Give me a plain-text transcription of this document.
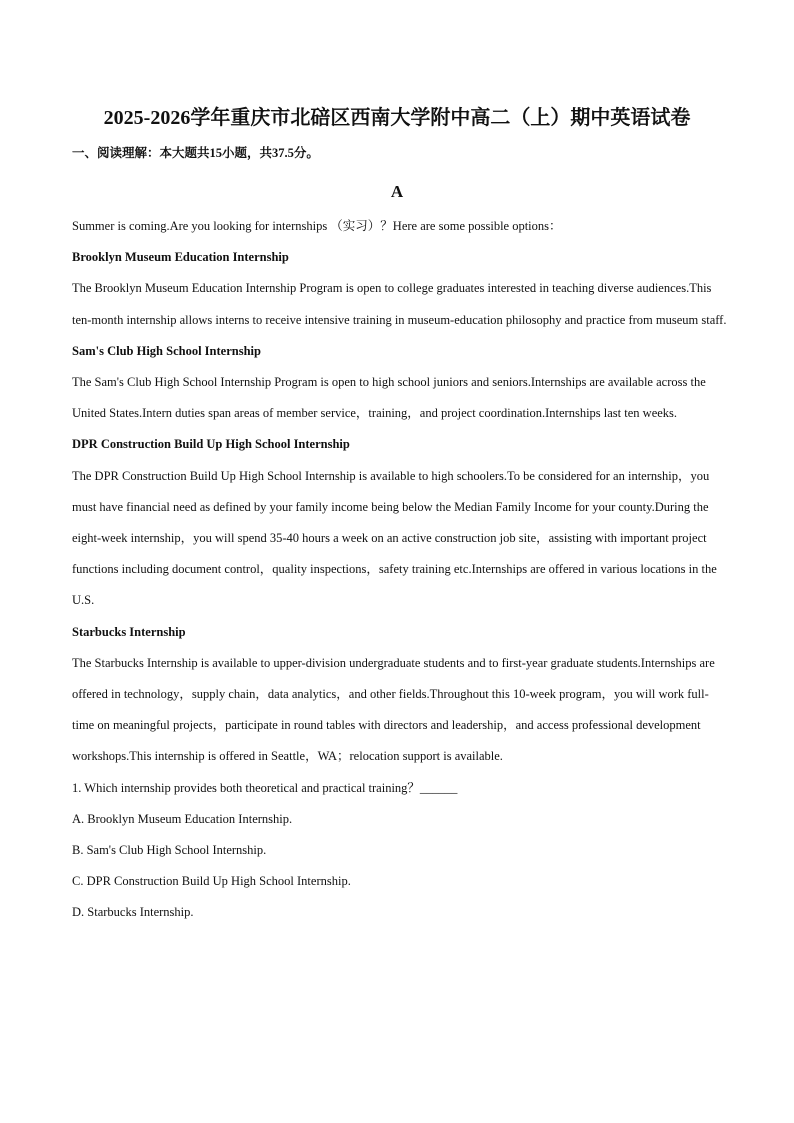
2025-2026学年重庆市北碚区西南大学附中高二（上）期中英语试卷
一、阅读理解：本大题共15小题，共37.5分。
A

Summer is coming.Are you looking for internships （实习）？Here are some possible options：

Brooklyn Museum Education Internship

The Brooklyn Museum Education Internship Program is open to college graduates interested in teaching diverse audiences.This ten-month internship allows interns to receive intensive training in museum-education philosophy and practice from museum staff.

Sam's Club High School Internship

The Sam's Club High School Internship Program is open to high school juniors and seniors.Internships are available across the United States.Intern duties span areas of member service，training，and project coordination.Internships last ten weeks.

DPR Construction Build Up High School Internship

The DPR Construction Build Up High School Internship is available to high schoolers.To be considered for an internship，you must have financial need as defined by your family income being below the Median Family Income for your county.During the eight-week internship，you will spend 35-40 hours a week on an active construction job site，assisting with important project functions including document control，quality inspections，safety training etc.Internships are offered in various locations in the U.S.

Starbucks Internship

The Starbucks Internship is available to upper-division undergraduate students and to first-year graduate students.Internships are offered in technology，supply chain，data analytics，and other fields.Throughout this 10-week program，you will work full-time on meaningful projects，participate in round tables with directors and leadership，and access professional development workshops.This internship is offered in Seattle，WA；relocation support is available.

1. Which internship provides both theoretical and practical training？______

A. Brooklyn Museum Education Internship.

B. Sam's Club High School Internship.

C. DPR Construction Build Up High School Internship.

D. Starbucks Internship.
